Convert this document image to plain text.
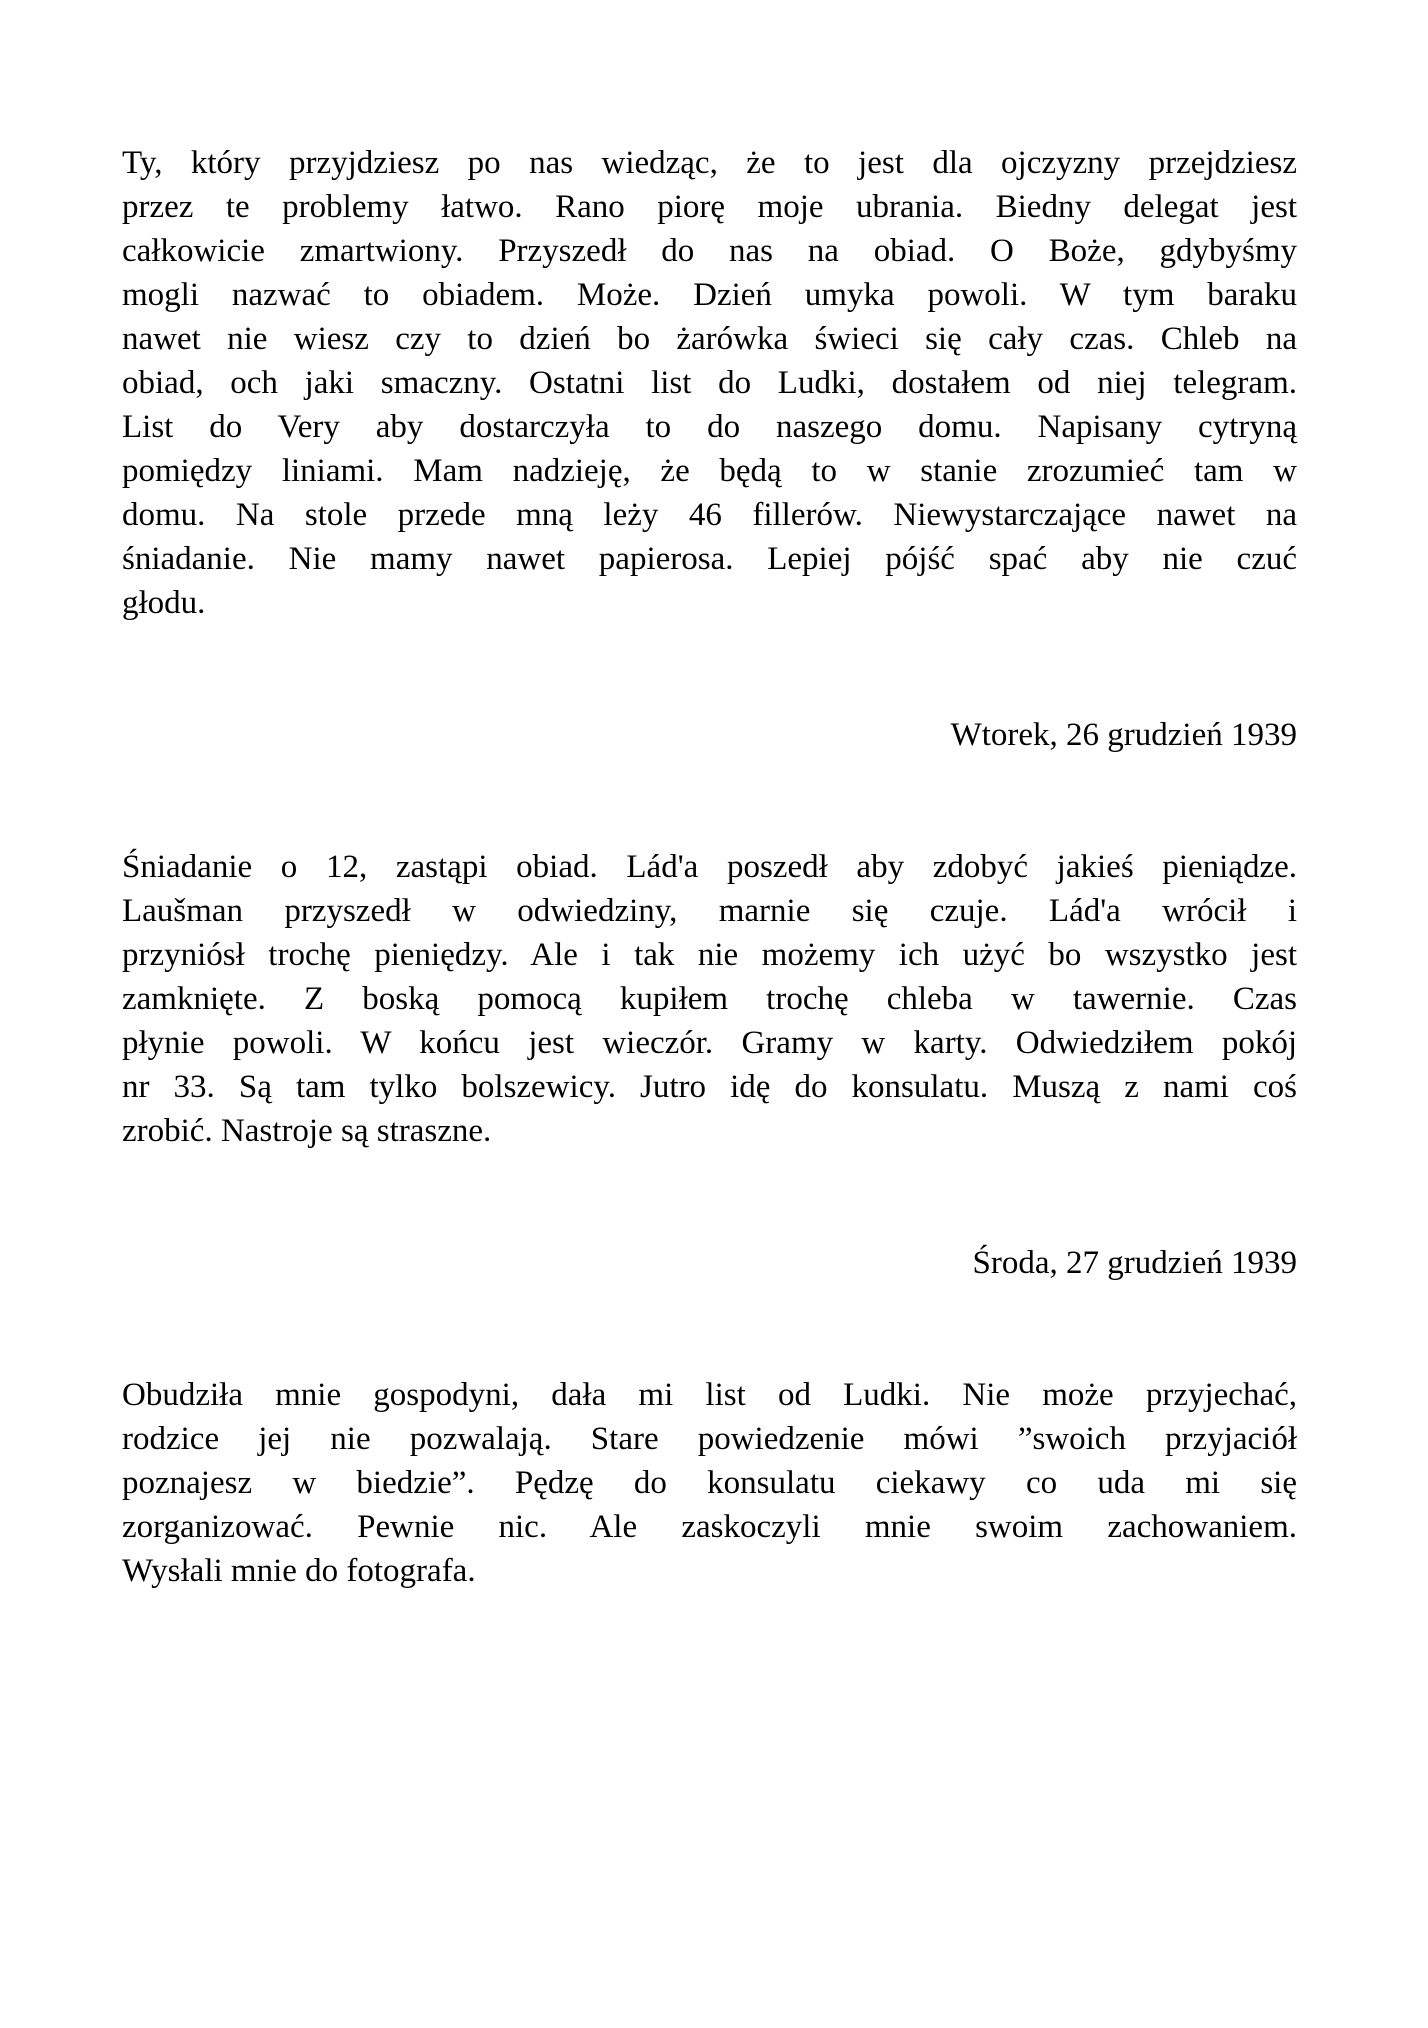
Ty, który przyjdziesz po nas wiedząc, że to jest dla ojczyzny przejdziesz
przez te problemy łatwo. Rano piorę moje ubrania. Biedny delegat jest
całkowicie zmartwiony. Przyszedł do nas na obiad. O Boże, gdybyśmy
mogli nazwać to obiadem. Może. Dzień umyka powoli. W tym baraku
nawet nie wiesz czy to dzień bo żarówka świeci się cały czas. Chleb na
obiad, och jaki smaczny. Ostatni list do Ludki, dostałem od niej telegram.
List do Very aby dostarczyła to do naszego domu. Napisany cytryną
pomiędzy liniami. Mam nadzieję, że będą to w stanie zrozumieć tam w
domu. Na stole przede mną leży 46 fillerów. Niewystarczające nawet na
śniadanie. Nie mamy nawet papierosa. Lepiej pójść spać aby nie czuć
głodu.
Wtorek, 26 grudzień 1939
Śniadanie o 12, zastąpi obiad. Lád'a poszedł aby zdobyć jakieś pieniądze.
Laušman przyszedł w odwiedziny, marnie się czuje. Lád'a wrócił i
przyniósł trochę pieniędzy. Ale i tak nie możemy ich użyć bo wszystko jest
zamknięte. Z boską pomocą kupiłem trochę chleba w tawernie. Czas
płynie powoli. W końcu jest wieczór. Gramy w karty. Odwiedziłem pokój
nr 33. Są tam tylko bolszewicy. Jutro idę do konsulatu. Muszą z nami coś
zrobić. Nastroje są straszne.
Środa, 27 grudzień 1939
Obudziła mnie gospodyni, dała mi list od Ludki. Nie może przyjechać,
rodzice jej nie pozwalają. Stare powiedzenie mówi ”swoich przyjaciół
poznajesz w biedzie”. Pędzę do konsulatu ciekawy co uda mi się
zorganizować. Pewnie nic. Ale zaskoczyli mnie swoim zachowaniem.
Wysłali mnie do fotografa.
